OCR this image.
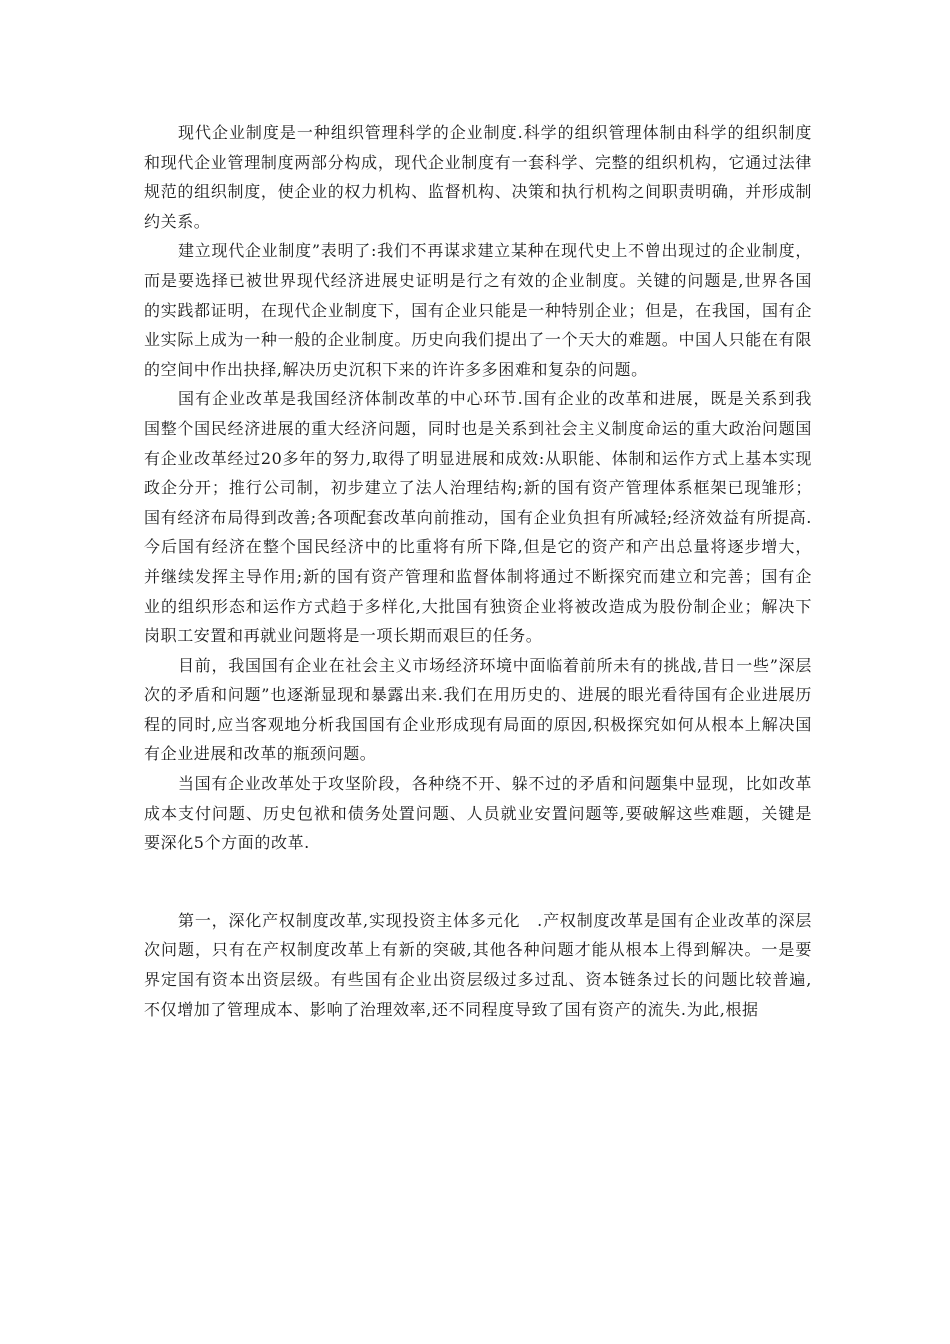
现代企业制度是一种组织管理科学的企业制度.科学的组织管理体制由科学的组织制度和现代企业管理制度两部分构成，现代企业制度有一套科学、完整的组织机构，它通过法律规范的组织制度，使企业的权力机构、监督机构、决策和执行机构之间职责明确，并形成制约关系。

建立现代企业制度”表明了:我们不再谋求建立某种在现代史上不曾出现过的企业制度，而是要选择已被世界现代经济进展史证明是行之有效的企业制度。关键的问题是,世界各国的实践都证明，在现代企业制度下，国有企业只能是一种特别企业；但是，在我国，国有企业实际上成为一种一般的企业制度。历史向我们提出了一个天大的难题。中国人只能在有限的空间中作出抉择,解决历史沉积下来的许许多多困难和复杂的问题。

国有企业改革是我国经济体制改革的中心环节.国有企业的改革和进展，既是关系到我国整个国民经济进展的重大经济问题，同时也是关系到社会主义制度命运的重大政治问题国有企业改革经过20多年的努力,取得了明显进展和成效:从职能、体制和运作方式上基本实现政企分开；推行公司制，初步建立了法人治理结构;新的国有资产管理体系框架已现雏形；国有经济布局得到改善;各项配套改革向前推动，国有企业负担有所减轻;经济效益有所提高.今后国有经济在整个国民经济中的比重将有所下降,但是它的资产和产出总量将逐步增大，并继续发挥主导作用;新的国有资产管理和监督体制将通过不断探究而建立和完善；国有企业的组织形态和运作方式趋于多样化,大批国有独资企业将被改造成为股份制企业；解决下岗职工安置和再就业问题将是一项长期而艰巨的任务。

目前，我国国有企业在社会主义市场经济环境中面临着前所未有的挑战,昔日一些”深层次的矛盾和问题”也逐渐显现和暴露出来.我们在用历史的、进展的眼光看待国有企业进展历程的同时,应当客观地分析我国国有企业形成现有局面的原因,积极探究如何从根本上解决国有企业进展和改革的瓶颈问题。

当国有企业改革处于攻坚阶段，各种绕不开、躲不过的矛盾和问题集中显现，比如改革成本支付问题、历史包袱和债务处置问题、人员就业安置问题等,要破解这些难题，关键是要深化5个方面的改革.

第一，深化产权制度改革,实现投资主体多元化　.产权制度改革是国有企业改革的深层次问题，只有在产权制度改革上有新的突破,其他各种问题才能从根本上得到解决。一是要界定国有资本出资层级。有些国有企业出资层级过多过乱、资本链条过长的问题比较普遍,不仅增加了管理成本、影响了治理效率,还不同程度导致了国有资产的流失.为此,根据
